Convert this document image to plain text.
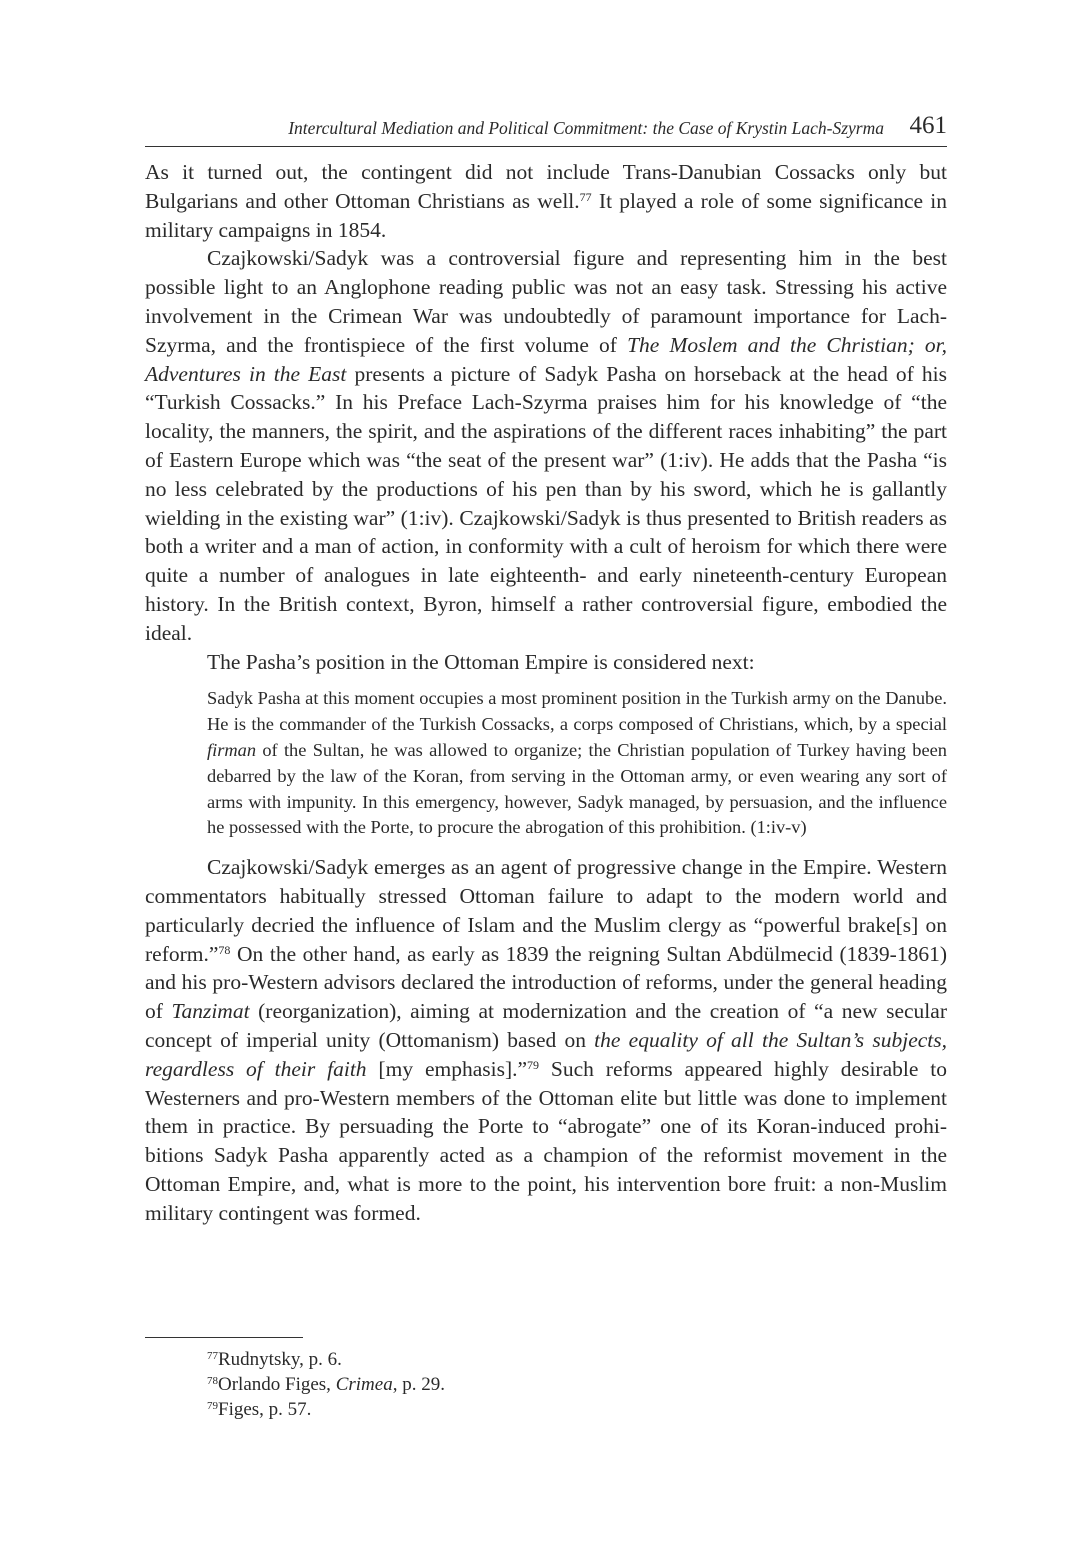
Intercultural Mediation and Political Commitment: the Case of Krystin Lach-Szyrma 461

As it turned out, the contingent did not include Trans-Danubian Cossacks only but Bulgarians and other Ottoman Christians as well.$^{77}$ It played a role of some significance in military campaigns in 1854.

Czajkowski/Sadyk was a controversial figure and representing him in the best possible light to an Anglophone reading public was not an easy task. Stressing his active involvement in the Crimean War was undoubtedly of paramount importance for Lach-Szyrma, and the frontispiece of the first volume of The Moslem and the Christian; or, Adventures in the East presents a picture of Sadyk Pasha on horseback at the head of his “Turkish Cossacks.” In his Preface Lach-Szyrma praises him for his knowledge of “the locality, the manners, the spirit, and the aspirations of the different races inhabiting” the part of Eastern Europe which was “the seat of the present war” (1:iv). He adds that the Pasha “is no less celebrated by the productions of his pen than by his sword, which he is gallantly wielding in the existing war” (1:iv). Czajkowski/Sadyk is thus presented to British readers as both a writer and a man of action, in conformity with a cult of heroism for which there were quite a number of analogues in late eighteenth- and early nineteenth-century European history. In the British context, Byron, himself a rather controversial figure, embodied the ideal.

The Pasha’s position in the Ottoman Empire is considered next:

Sadyk Pasha at this moment occupies a most prominent position in the Turkish army on the Danube. He is the commander of the Turkish Cossacks, a corps composed of Christians, which, by a special firman of the Sultan, he was allowed to organize; the Christian population of Turkey having been debarred by the law of the Koran, from serving in the Ottoman army, or even wearing any sort of arms with impunity. In this emergency, however, Sadyk managed, by persuasion, and the influence he possessed with the Porte, to procure the abrogation of this prohibition. (1:iv-v)

Czajkowski/Sadyk emerges as an agent of progressive change in the Empire. Western commentators habitually stressed Ottoman failure to adapt to the modern world and particularly decried the influence of Islam and the Muslim clergy as “powerful brake[s] on reform.”$^{78}$ On the other hand, as early as 1839 the reigning Sultan Abdülmecid (1839-1861) and his pro-Western advisors declared the introduction of reforms, under the general heading of Tanzimat (reorganization), aiming at modernization and the creation of “a new secular concept of imperial unity (Ottomanism) based on the equality of all the Sultan’s subjects, regardless of their faith [my emphasis].”$^{79}$ Such reforms appeared highly desirable to Westerners and pro-Western members of the Ottoman elite but little was done to implement them in practice. By persuading the Porte to “abrogate” one of its Koran-induced prohibitions Sadyk Pasha apparently acted as a champion of the reformist movement in the Ottoman Empire, and, what is more to the point, his intervention bore fruit: a non-Muslim military contingent was formed.

$^{77}$Rudnytsky, p. 6.
$^{78}$Orlando Figes, Crimea, p. 29.
$^{79}$Figes, p. 57.
